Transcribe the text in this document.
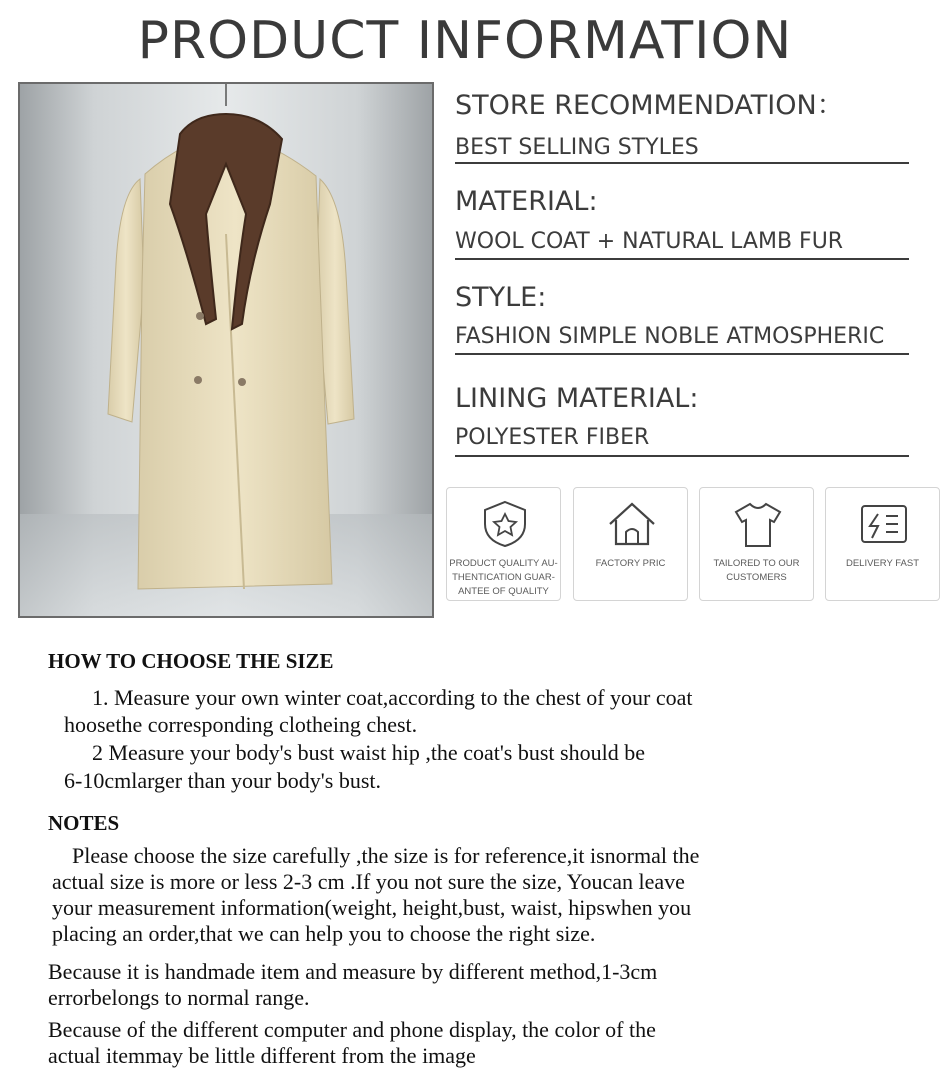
PRODUCT INFORMATION
STORE RECOMMENDATION：
BEST SELLING STYLES
MATERIAL:
WOOL COAT + NATURAL LAMB FUR
STYLE:
FASHION SIMPLE NOBLE ATMOSPHERIC
LINING MATERIAL:
POLYESTER FIBER
PRODUCT QUALITY AU-
THENTICATION GUAR-
ANTEE OF QUALITY
FACTORY PRIC	TAILORED TO OUR
CUSTOMERS
DELIVERY FAST
HOW TO CHOOSE THE SIZE
1. Measure your own winter coat,according to the chest of your coat
hoosethe corresponding clotheing chest.
2 Measure your body's bust waist hip ,the coat's bust should be
6-10cmlarger than your body's bust.
NOTES
Please choose the size carefully ,the size is for reference,it isnormal the
actual size is more or less 2-3 cm .If you not sure the size, Youcan leave
your measurement information(weight, height,bust, waist, hipswhen you
placing an order,that we can help you to choose the right size.
Because it is handmade item and measure by different method,1-3cm
errorbelongs to normal range.
Because of the different computer and phone display, the color of the
actual itemmay be little different from the image
